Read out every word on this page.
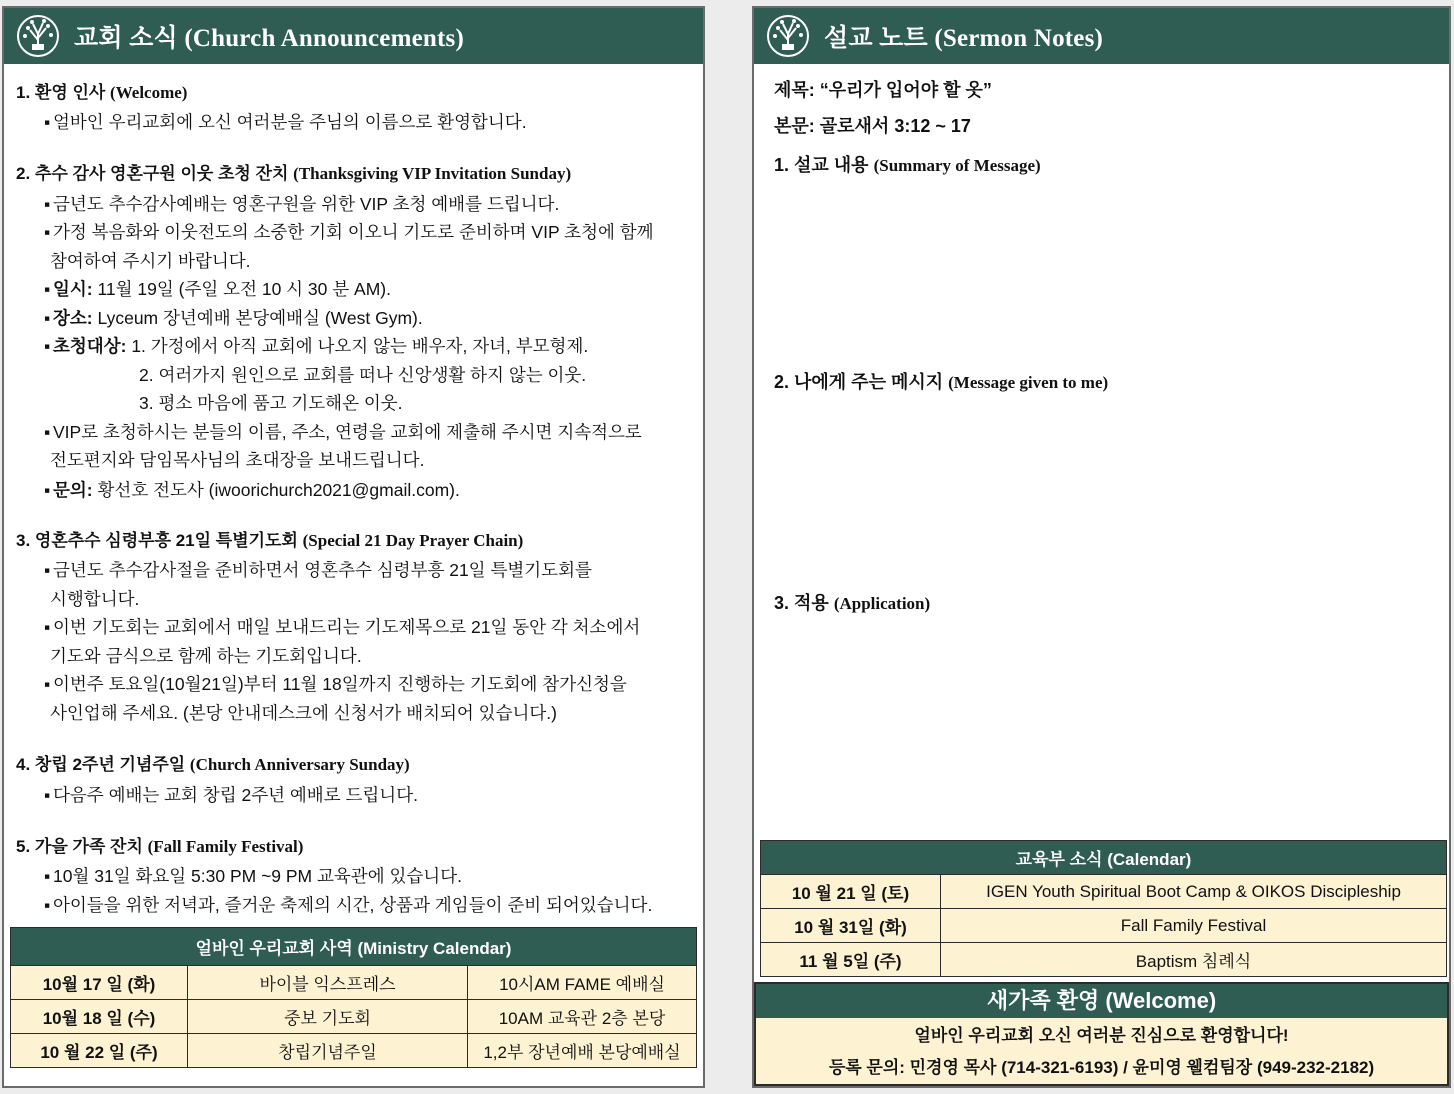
교회 소식 (Church Announcements)
1. 환영 인사 (Welcome)
▪ 얼바인 우리교회에 오신 여러분을 주님의 이름으로 환영합니다.
2. 추수 감사 영혼구원 이웃 초청 잔치 (Thanksgiving VIP Invitation Sunday)
▪ 금년도 추수감사예배는 영혼구원을 위한 VIP 초청 예배를 드립니다.
▪ 가정 복음화와 이웃전도의 소중한 기회 이오니 기도로 준비하며 VIP 초청에 함께
참여하여 주시기 바랍니다.
▪ 일시: 11월 19일 (주일 오전 10 시 30 분 AM).
▪ 장소: Lyceum 장년예배 본당예배실 (West Gym).
▪ 초청대상: 1. 가정에서 아직 교회에 나오지 않는 배우자, 자녀, 부모형제.
2. 여러가지 원인으로 교회를 떠나 신앙생활 하지 않는 이웃.
3. 평소 마음에 품고 기도해온 이웃.
▪ VIP로 초청하시는 분들의 이름, 주소, 연령을 교회에 제출해 주시면 지속적으로
전도편지와 담임목사님의 초대장을 보내드립니다.
▪ 문의: 황선호 전도사 (iwoorichurch2021@gmail.com).
3. 영혼추수 심령부흥 21일 특별기도회 (Special 21 Day Prayer Chain)
▪ 금년도 추수감사절을 준비하면서 영혼추수 심령부흥 21일 특별기도회를
시행합니다.
▪ 이번 기도회는 교회에서 매일 보내드리는 기도제목으로 21일 동안 각 처소에서
기도와 금식으로 함께 하는 기도회입니다.
▪ 이번주 토요일(10월21일)부터 11월 18일까지 진행하는 기도회에 참가신청을
사인업해 주세요. (본당 안내데스크에 신청서가 배치되어 있습니다.)
4. 창립 2주년 기념주일 (Church Anniversary Sunday)
▪ 다음주 예배는 교회 창립 2주년 예배로 드립니다.
5. 가을 가족 잔치 (Fall Family Festival)
▪ 10월 31일 화요일 5:30 PM ~9 PM 교육관에 있습니다.
▪ 아이들을 위한 저녁과, 즐거운 축제의 시간, 상품과 게임들이 준비 되어있습니다.
얼바인 우리교회 사역 (Ministry Calendar)		
10월 17 일 (화)	바이블 익스프레스	10시AM FAME 예배실
10월 18 일 (수)	중보 기도회	10AM 교육관 2층 본당
10 월 22 일 (주)	창립기념주일	1,2부 장년예배 본당예배실
설교 노트 (Sermon Notes)
제목: “우리가 입어야 할 옷”
본문: 골로새서 3:12 ~ 17
1. 설교 내용 (Summary of Message)
2. 나에게 주는 메시지 (Message given to me)
3. 적용 (Application)
교육부 소식 (Calendar)	
10 월 21 일 (토)	IGEN Youth Spiritual Boot Camp & OIKOS Discipleship
10 월 31일 (화)	Fall Family Festival
11 월 5일 (주)	Baptism 침례식
새가족 환영 (Welcome)
얼바인 우리교회 오신 여러분 진심으로 환영합니다!
등록 문의: 민경영 목사 (714-321-6193) / 윤미영 웰컴팀장 (949-232-2182)
